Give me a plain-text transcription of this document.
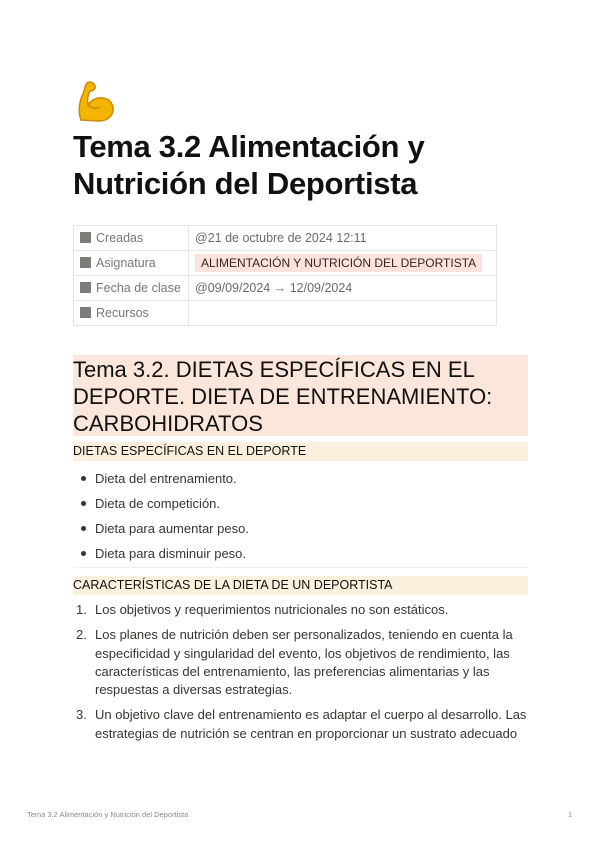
Tema 3.2 Alimentación y Nutrición del Deportista
Creadas	@21 de octubre de 2024 12:11
Asignatura	ALIMENTACIÓN Y NUTRICIÓN DEL DEPORTISTA
Fecha de clase	@09/09/2024 → 12/09/2024
Recursos	
Tema 3.2. DIETAS ESPECÍFICAS EN EL DEPORTE. DIETA DE ENTRENAMIENTO: CARBOHIDRATOS
DIETAS ESPECÍFICAS EN EL DEPORTE
Dieta del entrenamiento.
Dieta de competición.
Dieta para aumentar peso.
Dieta para disminuir peso.
CARACTERÍSTICAS DE LA DIETA DE UN DEPORTISTA
1. Los objetivos y requerimientos nutricionales no son estáticos.
2. Los planes de nutrición deben ser personalizados, teniendo en cuenta la especificidad y singularidad del evento, los objetivos de rendimiento, las características del entrenamiento, las preferencias alimentarias y las respuestas a diversas estrategias.
3. Un objetivo clave del entrenamiento es adaptar el cuerpo al desarrollo. Las estrategias de nutrición se centran en proporcionar un sustrato adecuado
Tema 3.2 Alimentación y Nutrición del Deportista	1
